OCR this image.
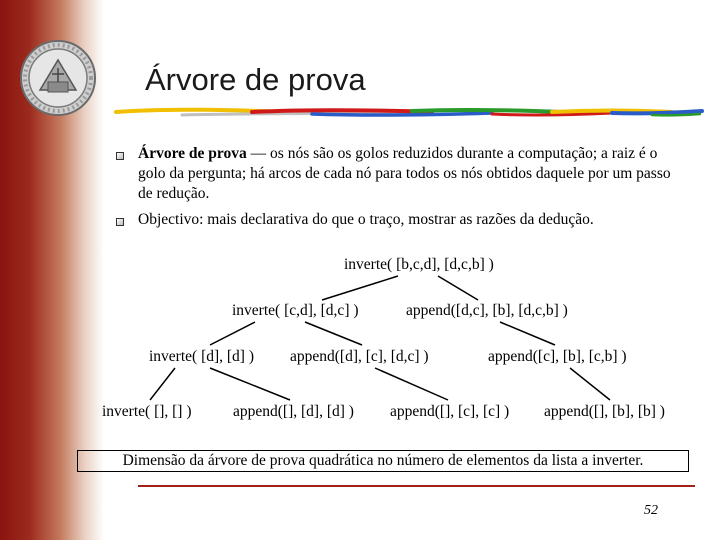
Árvore de prova
Árvore de prova — os nós são os golos reduzidos durante a computação; a raiz é o golo da pergunta; há arcos de cada nó para todos os nós obtidos daquele por um passo de redução.
Objectivo: mais declarativa do que o traço, mostrar as razões da dedução.
inverte( [b,c,d], [d,c,b] )
inverte( [c,d], [d,c] )	append([d,c], [b], [d,c,b] )
inverte( [d], [d] ) append([d], [c], [d,c] )	append([c], [b], [c,b] )
inverte( [], [] )	append([], [d], [d] ) append([], [c], [c] ) append([], [b], [b] )
Dimensão da árvore de prova quadrática no número de elementos da lista a inverter.
52
